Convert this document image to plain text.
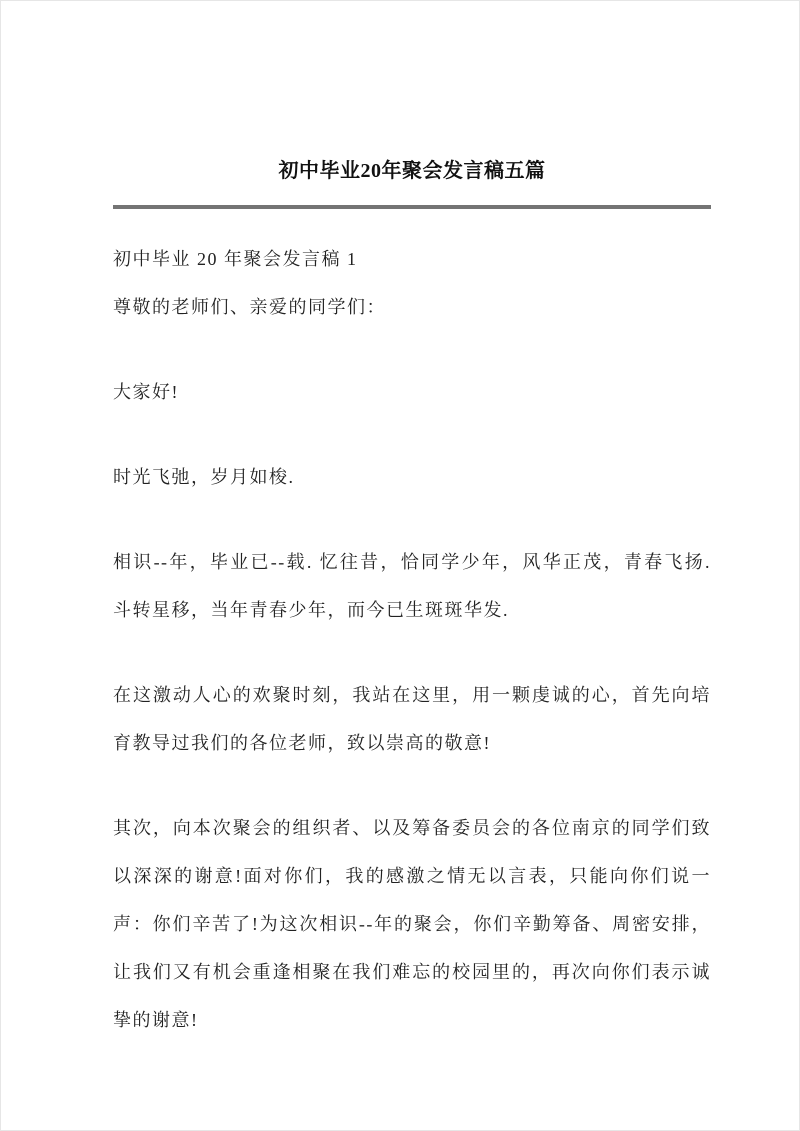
初中毕业20年聚会发言稿五篇

初中毕业 20 年聚会发言稿 1

尊敬的老师们、亲爱的同学们：

大家好!

时光飞弛，岁月如梭.

相识--年，毕业已--载. 忆往昔，恰同学少年，风华正茂，青春飞扬. 斗转星移，当年青春少年，而今已生斑斑华发.

在这激动人心的欢聚时刻，我站在这里，用一颗虔诚的心，首先向培育教导过我们的各位老师，致以崇高的敬意!

其次，向本次聚会的组织者、以及筹备委员会的各位南京的同学们致以深深的谢意!面对你们，我的感激之情无以言表，只能向你们说一声：你们辛苦了!为这次相识--年的聚会，你们辛勤筹备、周密安排，让我们又有机会重逢相聚在我们难忘的校园里的，再次向你们表示诚挚的谢意!
